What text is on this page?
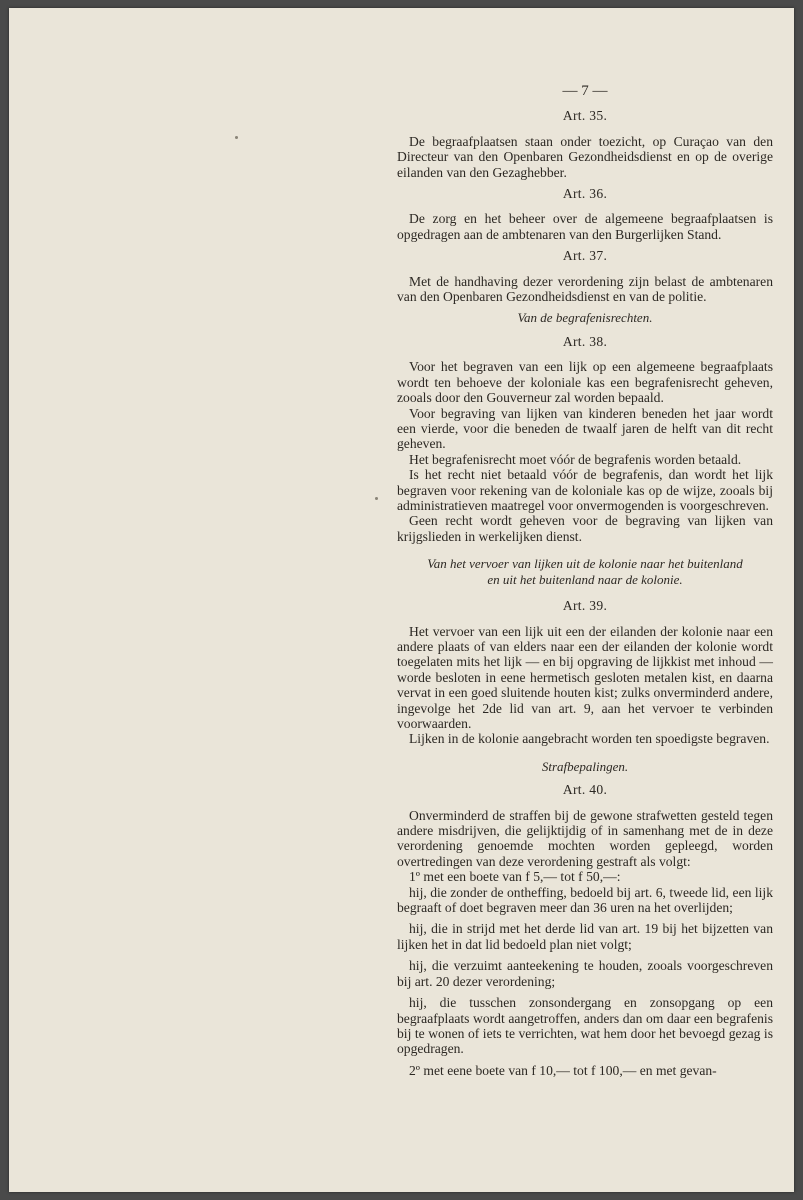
— 7 —
Art. 35.

De begraafplaatsen staan onder toezicht, op Curaçao van den Directeur van den Openbaren Gezondheidsdienst en op de overige eilanden van den Gezaghebber.

Art. 36.

De zorg en het beheer over de algemeene begraafplaatsen is opgedragen aan de ambtenaren van den Burgerlijken Stand.

Art. 37.

Met de handhaving dezer verordening zijn belast de ambtenaren van den Openbaren Gezondheidsdienst en van de politie.

Van de begrafenisrechten.
Art. 38.

Voor het begraven van een lijk op een algemeene begraafplaats wordt ten behoeve der koloniale kas een begrafenisrecht geheven, zooals door den Gouverneur zal worden bepaald.

Voor begraving van lijken van kinderen beneden het jaar wordt een vierde, voor die beneden de twaalf jaren de helft van dit recht geheven.

Het begrafenisrecht moet vóór de begrafenis worden betaald.

Is het recht niet betaald vóór de begrafenis, dan wordt het lijk begraven voor rekening van de koloniale kas op de wijze, zooals bij administratieven maatregel voor onvermogenden is voorgeschreven.

Geen recht wordt geheven voor de begraving van lijken van krijgslieden in werkelijken dienst.

Van het vervoer van lijken uit de kolonie naar het buitenland
en uit het buitenland naar de kolonie.
Art. 39.

Het vervoer van een lijk uit een der eilanden der kolonie naar een andere plaats of van elders naar een der eilanden der kolonie wordt toegelaten mits het lijk — en bij opgraving de lijkkist met inhoud — worde besloten in eene hermetisch gesloten metalen kist, en daarna vervat in een goed sluitende houten kist; zulks onverminderd andere, ingevolge het 2de lid van art. 9, aan het vervoer te verbinden voorwaarden.

Lijken in de kolonie aangebracht worden ten spoedigste begraven.

Strafbepalingen.
Art. 40.

Onverminderd de straffen bij de gewone strafwetten gesteld tegen andere misdrijven, die gelijktijdig of in samenhang met de in deze verordening genoemde mochten worden gepleegd, worden overtredingen van deze verordening gestraft als volgt:

1º met een boete van f 5,— tot f 50,—:

hij, die zonder de ontheffing, bedoeld bij art. 6, tweede lid, een lijk begraaft of doet begraven meer dan 36 uren na het overlijden;

hij, die in strijd met het derde lid van art. 19 bij het bijzetten van lijken het in dat lid bedoeld plan niet volgt;

hij, die verzuimt aanteekening te houden, zooals voorgeschreven bij art. 20 dezer verordening;

hij, die tusschen zonsondergang en zonsopgang op een begraafplaats wordt aangetroffen, anders dan om daar een begrafenis bij te wonen of iets te verrichten, wat hem door het bevoegd gezag is opgedragen.

2º met eene boete van f 10,— tot f 100,— en met gevan-
